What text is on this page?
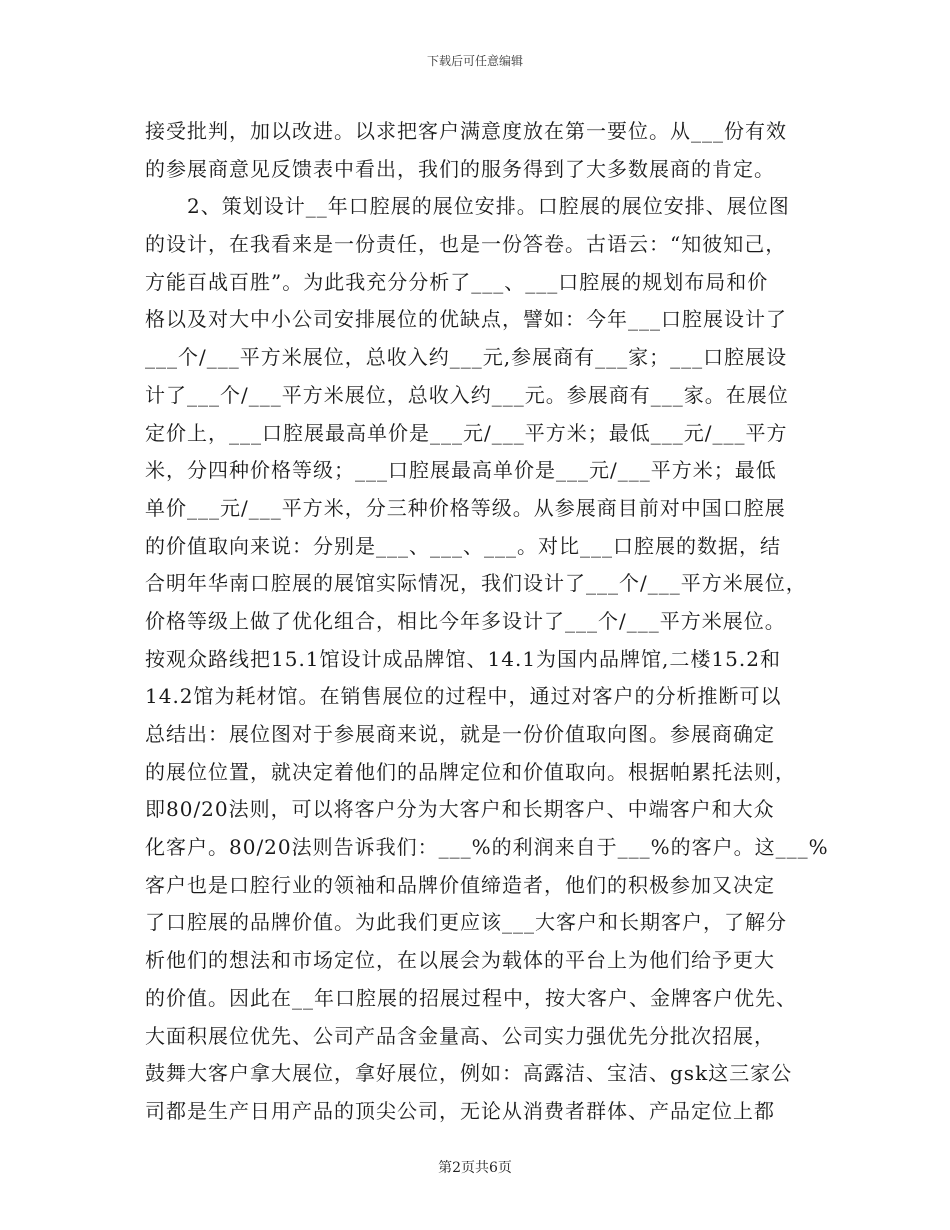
下载后可任意编辑
接受批判，加以改进。以求把客户满意度放在第一要位。从___份有效
的参展商意见反馈表中看出，我们的服务得到了大多数展商的肯定。
　　2、策划设计__年口腔展的展位安排。口腔展的展位安排、展位图
的设计，在我看来是一份责任，也是一份答卷。古语云：“知彼知己，
方能百战百胜”。为此我充分分析了___、___口腔展的规划布局和价
格以及对大中小公司安排展位的优缺点，譬如：今年___口腔展设计了
___个/___平方米展位，总收入约___元,参展商有___家；___口腔展设
计了___个/___平方米展位，总收入约___元。参展商有___家。在展位
定价上，___口腔展最高单价是___元/___平方米；最低___元/___平方
米，分四种价格等级；___口腔展最高单价是___元/___平方米；最低
单价___元/___平方米，分三种价格等级。从参展商目前对中国口腔展
的价值取向来说：分别是___、___、___。对比___口腔展的数据，结
合明年华南口腔展的展馆实际情况，我们设计了___个/___平方米展位，
价格等级上做了优化组合，相比今年多设计了___个/___平方米展位。
按观众路线把15.1馆设计成品牌馆、14.1为国内品牌馆,二楼15.2和
14.2馆为耗材馆。在销售展位的过程中，通过对客户的分析推断可以
总结出：展位图对于参展商来说，就是一份价值取向图。参展商确定
的展位位置，就决定着他们的品牌定位和价值取向。根据帕累托法则，
即80/20法则，可以将客户分为大客户和长期客户、中端客户和大众
化客户。80/20法则告诉我们：___%的利润来自于___%的客户。这___%
客户也是口腔行业的领袖和品牌价值缔造者，他们的积极参加又决定
了口腔展的品牌价值。为此我们更应该___大客户和长期客户，了解分
析他们的想法和市场定位，在以展会为载体的平台上为他们给予更大
的价值。因此在__年口腔展的招展过程中，按大客户、金牌客户优先、
大面积展位优先、公司产品含金量高、公司实力强优先分批次招展，
鼓舞大客户拿大展位，拿好展位，例如：高露洁、宝洁、gsk这三家公
司都是生产日用产品的顶尖公司，无论从消费者群体、产品定位上都
第2页共6页
